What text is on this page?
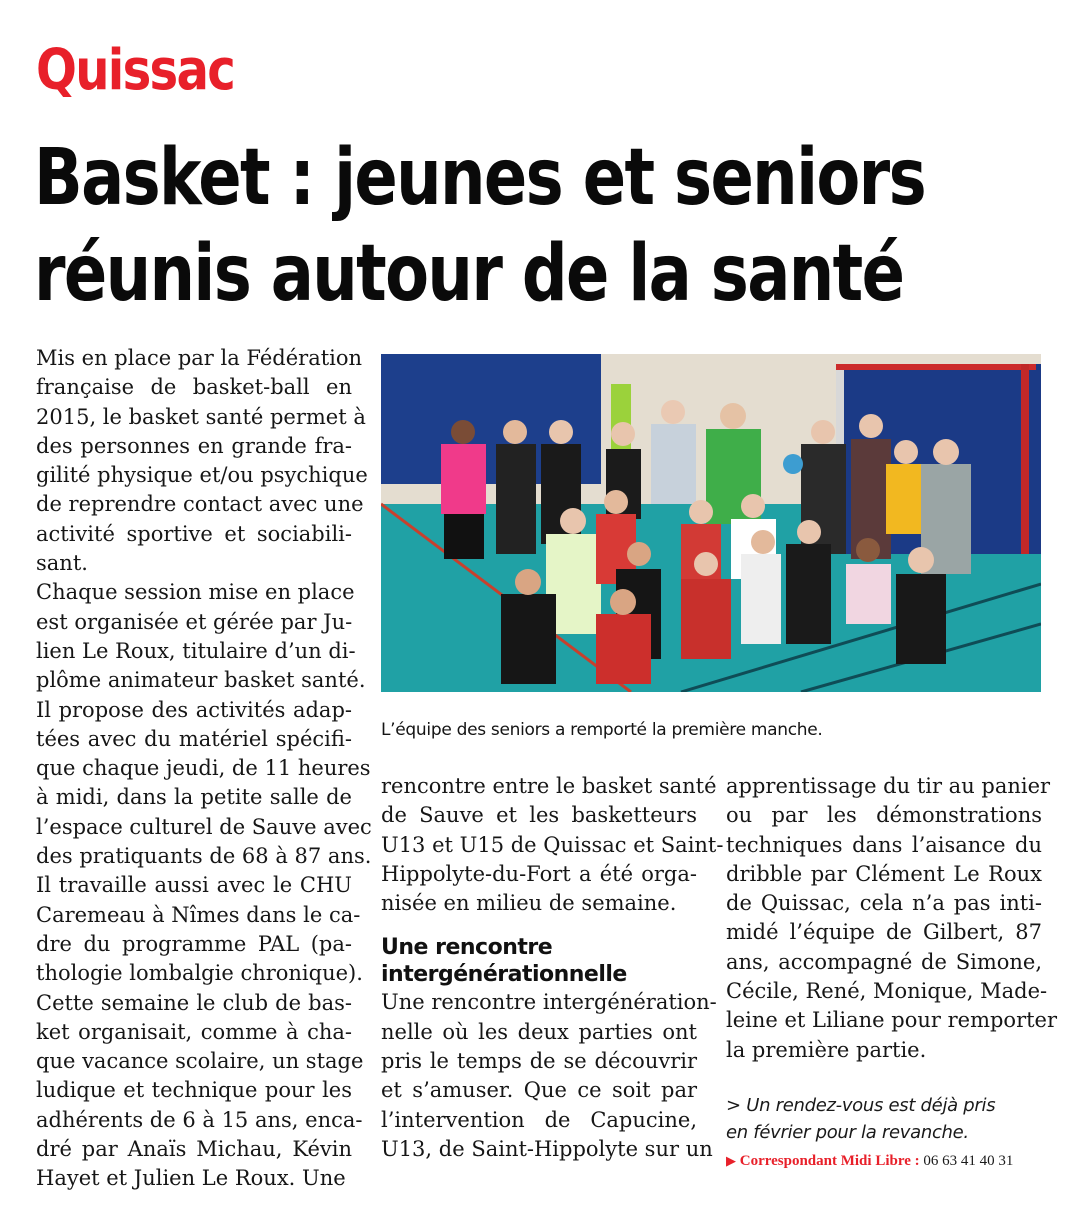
Quissac
Basket : jeunes et seniors
réunis autour de la santé
Mis en place par la Fédération
française de basket-ball en
2015, le basket santé permet à
des personnes en grande fra-
gilité physique et/ou psychique
de reprendre contact avec une
activité sportive et sociabili-
sant.
Chaque session mise en place
est organisée et gérée par Ju-
lien Le Roux, titulaire d’un di-
plôme animateur basket santé.
Il propose des activités adap-
tées avec du matériel spécifi-
que chaque jeudi, de 11 heures
à midi, dans la petite salle de
l’espace culturel de Sauve avec
des pratiquants de 68 à 87 ans.
Il travaille aussi avec le CHU
Caremeau à Nîmes dans le ca-
dre du programme PAL (pa-
thologie lombalgie chronique).
Cette semaine le club de bas-
ket organisait, comme à cha-
que vacance scolaire, un stage
ludique et technique pour les
adhérents de 6 à 15 ans, enca-
dré par Anaïs Michau, Kévin
Hayet et Julien Le Roux. Une
L’équipe des seniors a remporté la première manche.
rencontre entre le basket santé
de Sauve et les basketteurs
U13 et U15 de Quissac et Saint-
Hippolyte-du-Fort a été orga-
nisée en milieu de semaine.
Une rencontre
intergénérationnelle
Une rencontre intergénération-
nelle où les deux parties ont
pris le temps de se découvrir
et s’amuser. Que ce soit par
l’intervention de Capucine,
U13, de Saint-Hippolyte sur un
apprentissage du tir au panier
ou par les démonstrations
techniques dans l’aisance du
dribble par Clément Le Roux
de Quissac, cela n’a pas inti-
midé l’équipe de Gilbert, 87
ans, accompagné de Simone,
Cécile, René, Monique, Made-
leine et Liliane pour remporter
la première partie.
> Un rendez-vous est déjà pris
en février pour la revanche.
▶ Correspondant Midi Libre : 06 63 41 40 31
